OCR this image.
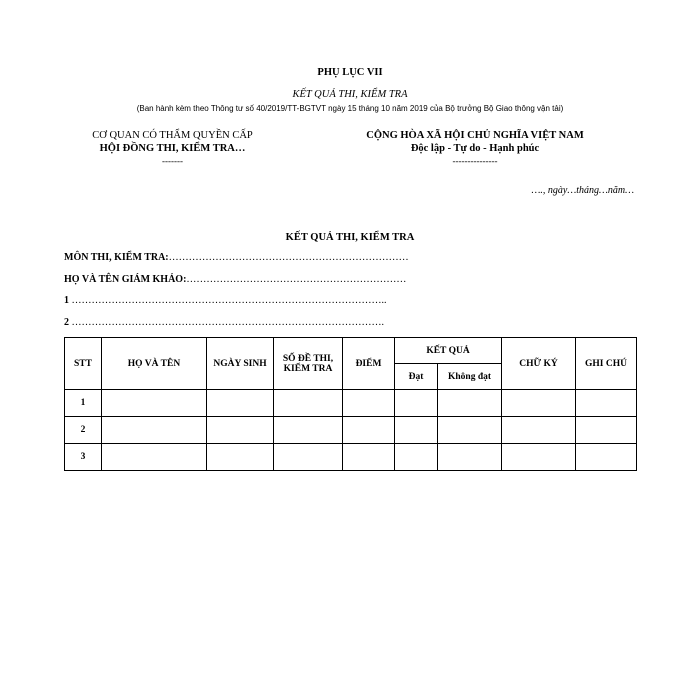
PHỤ LỤC VII
KẾT QUẢ THI, KIỂM TRA
(Ban hành kèm theo Thông tư số 40/2019/TT-BGTVT ngày 15 tháng 10 năm 2019 của Bộ trưởng Bộ Giao thông vận tải)
CƠ QUAN CÓ THẨM QUYỀN CẤP
HỘI ĐỒNG THI, KIỂM TRA…
-------
CỘNG HÒA XÃ HỘI CHỦ NGHĨA VIỆT NAM
Độc lập - Tự do - Hạnh phúc
---------------
…., ngày…tháng…năm…
KẾT QUẢ THI, KIỂM TRA
MÔN THI, KIỂM TRA:………………………………………………………………
HỌ VÀ TÊN GIÁM KHẢO:…………………………………………………………
1 …………………………………………………………………………………..
2 ………………………………………………………………………………….
STT	HỌ VÀ TÊN	NGÀY SINH	SỐ ĐỀ THI, KIỂM TRA	ĐIỂM	KẾT QUẢ		CHỮ KÝ	GHI CHÚ
					Đạt	Không đạt		
1								
2								
3								
